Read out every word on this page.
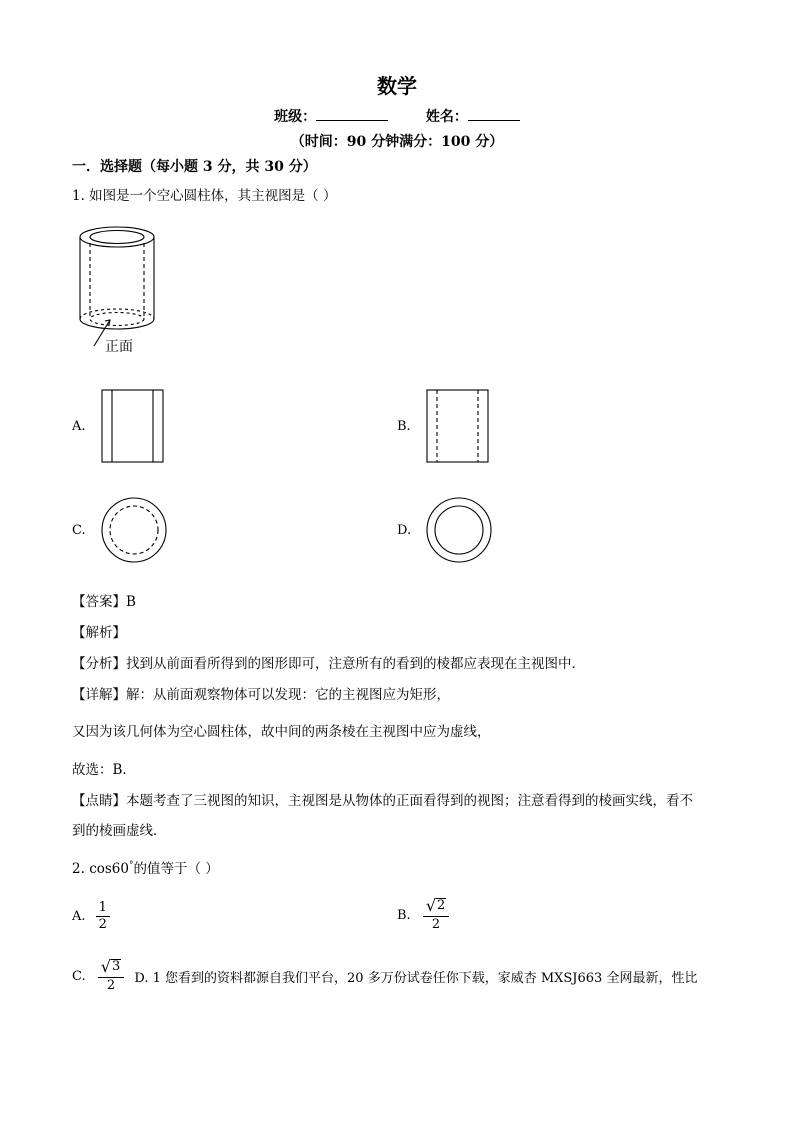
数学
班级：	姓名：
（时间：90 分钟满分：100 分）
一．选择题（每小题 3 分，共 30 分）
1. 如图是一个空心圆柱体，其主视图是（ ）
正面
A.	B.
C.	D.
【答案】B
【解析】
【分析】找到从前面看所得到的图形即可，注意所有的看到的棱都应表现在主视图中．
【详解】解：从前面观察物体可以发现：它的主视图应为矩形，
又因为该几何体为空心圆柱体，故中间的两条棱在主视图中应为虚线，
故选：B．
【点睛】本题考查了三视图的知识，主视图是从物体的正面看得到的视图；注意看得到的棱画实线，看不
到的棱画虚线．
2. cos60°的值等于（ ）
A. $\frac{1}{2}$	B. $\frac{√ 2}{2}$
C. $\frac{√ 3}{2} D$. 1 您看到的资料都源自我们平台，20 多万份试卷任你下载，家威杏 MXSJ663 全网最新，性比
